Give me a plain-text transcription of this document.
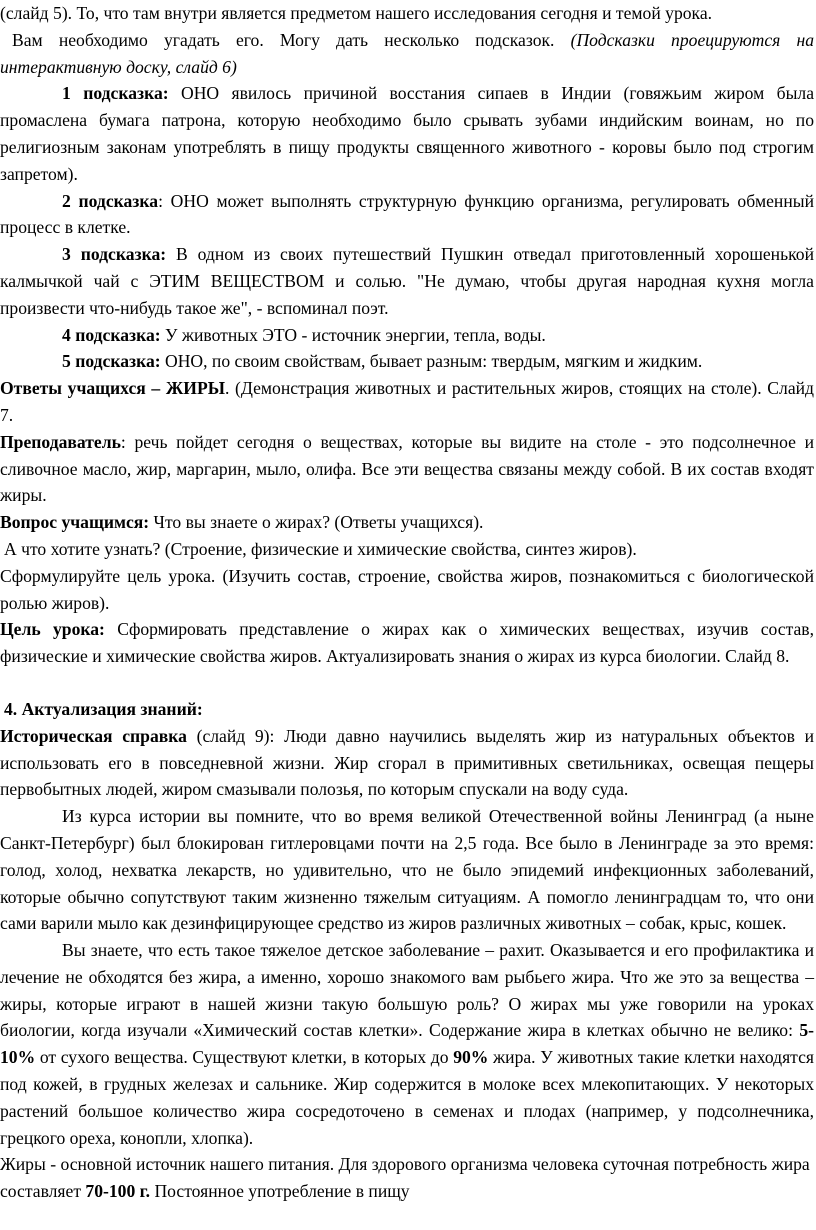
(слайд 5). То, что там внутри является предметом нашего исследования сегодня и темой урока.

Вам необходимо угадать его. Могу дать несколько подсказок. (Подсказки проецируются на интерактивную доску, слайд 6)

1 подсказка: ОНО явилось причиной восстания сипаев в Индии (говяжьим жиром была промаслена бумага патрона, которую необходимо было срывать зубами индийским воинам, но по религиозным законам употреблять в пищу продукты священного животного - коровы было под строгим запретом).

2 подсказка: ОНО может выполнять структурную функцию организма, регулировать обменный процесс в клетке.

3 подсказка: В одном из своих путешествий Пушкин отведал приготовленный хорошенькой калмычкой чай с ЭТИМ ВЕЩЕСТВОМ и солью. "Не думаю, чтобы другая народная кухня могла произвести что-нибудь такое же", - вспоминал поэт.

4 подсказка: У животных ЭТО - источник энергии, тепла, воды.

5 подсказка: ОНО, по своим свойствам, бывает разным: твердым, мягким и жидким.

Ответы учащихся – ЖИРЫ. (Демонстрация животных и растительных жиров, стоящих на столе). Слайд 7.

Преподаватель: речь пойдет сегодня о веществах, которые вы видите на столе - это подсолнечное и сливочное масло, жир, маргарин, мыло, олифа. Все эти вещества связаны между собой. В их состав входят жиры.

Вопрос учащимся: Что вы знаете о жирах? (Ответы учащихся).

А что хотите узнать? (Строение, физические и химические свойства, синтез жиров).

Сформулируйте цель урока. (Изучить состав, строение, свойства жиров, познакомиться с биологической ролью жиров).

Цель урока: Сформировать представление о жирах как о химических веществах, изучив состав, физические и химические свойства жиров. Актуализировать знания о жирах из курса биологии. Слайд 8.

4. Актуализация знаний:

Историческая справка (слайд 9): Люди давно научились выделять жир из натуральных объектов и использовать его в повседневной жизни. Жир сгорал в примитивных светильниках, освещая пещеры первобытных людей, жиром смазывали полозья, по которым спускали на воду суда.

Из курса истории вы помните, что во время великой Отечественной войны Ленинград (а ныне Санкт-Петербург) был блокирован гитлеровцами почти на 2,5 года. Все было в Ленинграде за это время: голод, холод, нехватка лекарств, но удивительно, что не было эпидемий инфекционных заболеваний, которые обычно сопутствуют таким жизненно тяжелым ситуациям. А помогло ленинградцам то, что они сами варили мыло как дезинфицирующее средство из жиров различных животных – собак, крыс, кошек.

Вы знаете, что есть такое тяжелое детское заболевание – рахит. Оказывается и его профилактика и лечение не обходятся без жира, а именно, хорошо знакомого вам рыбьего жира. Что же это за вещества – жиры, которые играют в нашей жизни такую большую роль? О жирах мы уже говорили на уроках биологии, когда изучали «Химический состав клетки». Содержание жира в клетках обычно не велико: 5-10% от сухого вещества. Существуют клетки, в которых до 90% жира. У животных такие клетки находятся под кожей, в грудных железах и сальнике. Жир содержится в молоке всех млекопитающих. У некоторых растений большое количество жира сосредоточено в семенах и плодах (например, у подсолнечника, грецкого ореха, конопли, хлопка).

Жиры - основной источник нашего питания. Для здорового организма человека суточная потребность жира составляет 70-100 г. Постоянное употребление в пищу
